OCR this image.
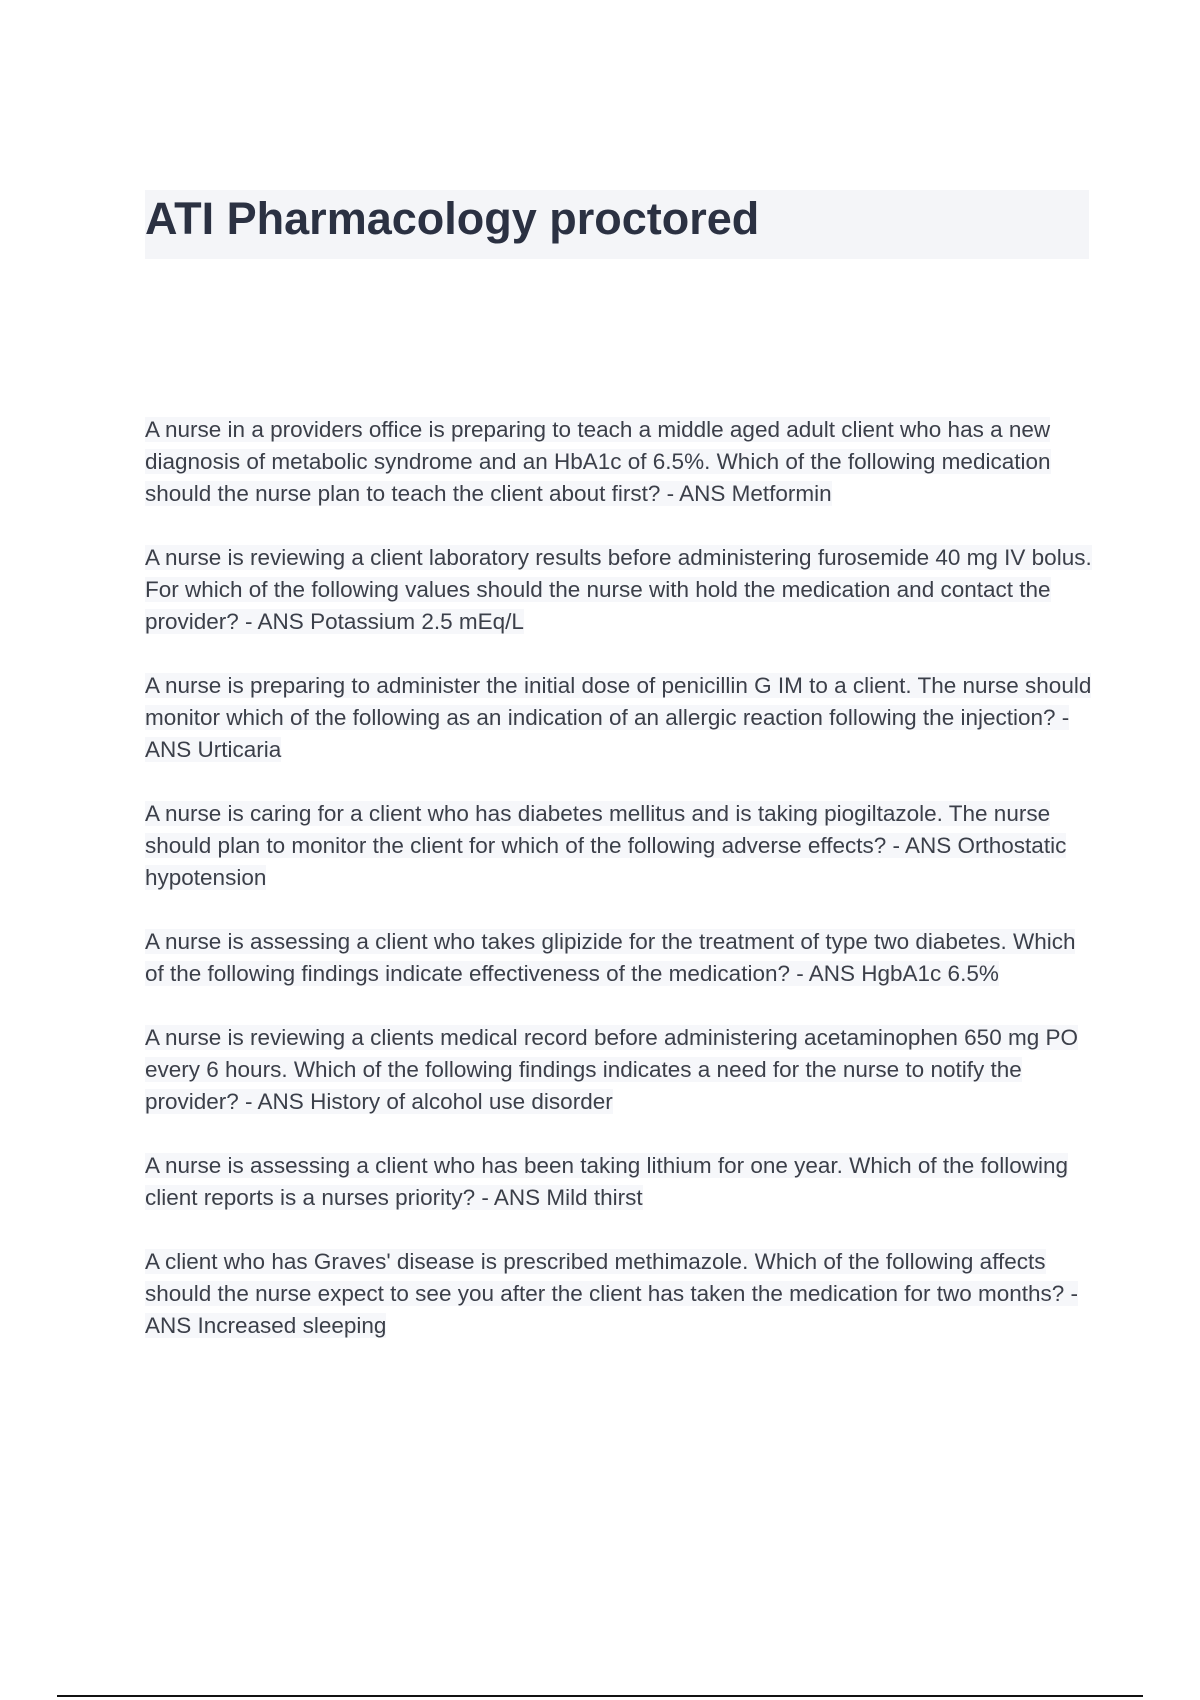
ATI Pharmacology proctored

A nurse in a providers office is preparing to teach a middle aged adult client who has a new diagnosis of metabolic syndrome and an HbA1c of 6.5%. Which of the following medication should the nurse plan to teach the client about first? - ANS Metformin

A nurse is reviewing a client laboratory results before administering furosemide 40 mg IV bolus. For which of the following values should the nurse with hold the medication and contact the provider? - ANS Potassium 2.5 mEq/L

A nurse is preparing to administer the initial dose of penicillin G IM to a client. The nurse should monitor which of the following as an indication of an allergic reaction following the injection? - ANS Urticaria

A nurse is caring for a client who has diabetes mellitus and is taking piogiltazole. The nurse should plan to monitor the client for which of the following adverse effects? - ANS Orthostatic hypotension

A nurse is assessing a client who takes glipizide for the treatment of type two diabetes. Which of the following findings indicate effectiveness of the medication? - ANS HgbA1c 6.5%

A nurse is reviewing a clients medical record before administering acetaminophen 650 mg PO every 6 hours. Which of the following findings indicates a need for the nurse to notify the provider? - ANS History of alcohol use disorder

A nurse is assessing a client who has been taking lithium for one year. Which of the following client reports is a nurses priority? - ANS Mild thirst

A client who has Graves' disease is prescribed methimazole. Which of the following affects should the nurse expect to see you after the client has taken the medication for two months? - ANS Increased sleeping
